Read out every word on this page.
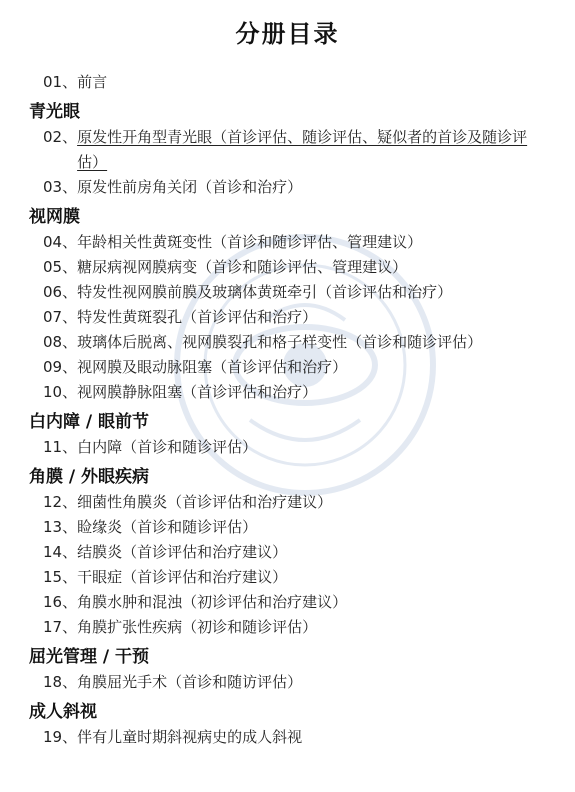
分册目录
01、 前言
青光眼
02、 原发性开角型青光眼（首诊评估、随诊评估、疑似者的首诊及随诊评估）
03、 原发性前房角关闭（首诊和治疗）
视网膜
04、 年龄相关性黄斑变性（首诊和随诊评估、管理建议）
05、 糖尿病视网膜病变（首诊和随诊评估、管理建议）
06、 特发性视网膜前膜及玻璃体黄斑牵引（首诊评估和治疗）
07、 特发性黄斑裂孔（首诊评估和治疗）
08、 玻璃体后脱离、视网膜裂孔和格子样变性（首诊和随诊评估）
09、 视网膜及眼动脉阻塞（首诊评估和治疗）
10、 视网膜静脉阻塞（首诊评估和治疗）
白内障 / 眼前节
11、 白内障（首诊和随诊评估）
角膜 / 外眼疾病
12、 细菌性角膜炎（首诊评估和治疗建议）
13、 睑缘炎（首诊和随诊评估）
14、 结膜炎（首诊评估和治疗建议）
15、 干眼症（首诊评估和治疗建议）
16、 角膜水肿和混浊（初诊评估和治疗建议）
17、 角膜扩张性疾病（初诊和随诊评估）
屈光管理 / 干预
18、 角膜屈光手术（首诊和随访评估）
成人斜视
19、 伴有儿童时期斜视病史的成人斜视
